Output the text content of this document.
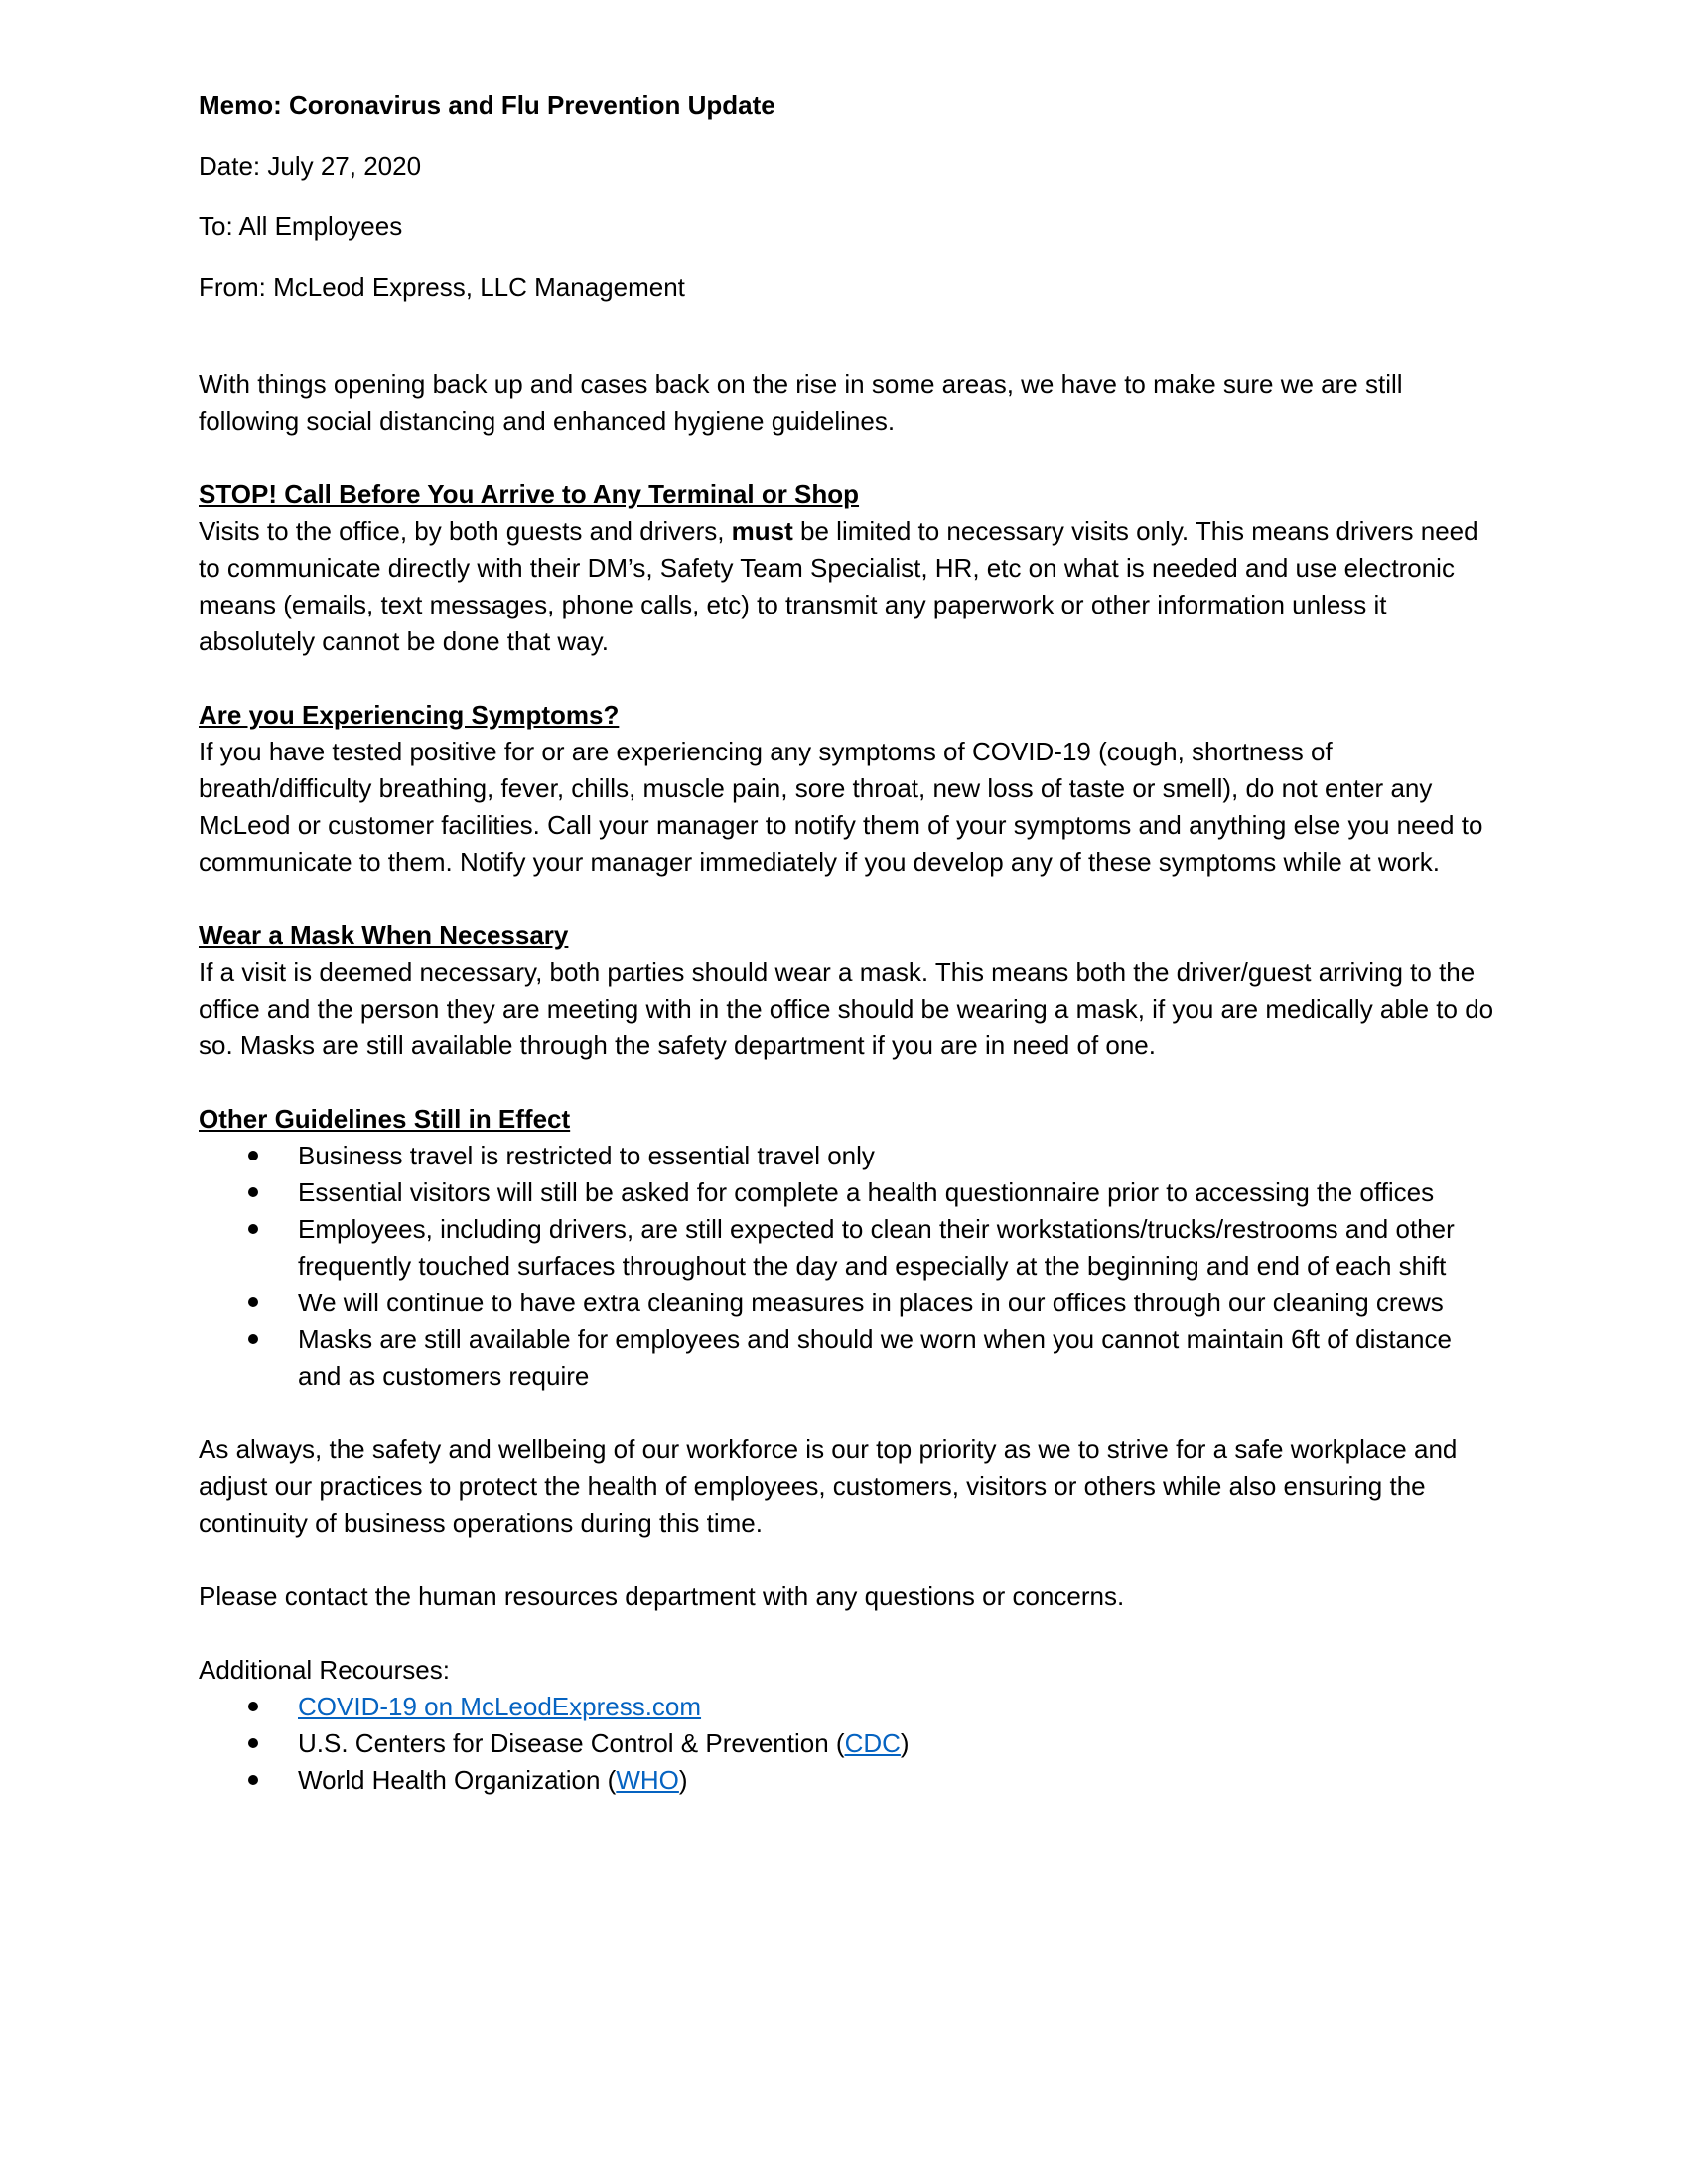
Memo: Coronavirus and Flu Prevention Update

Date: July 27, 2020

To: All Employees

From: McLeod Express, LLC Management

With things opening back up and cases back on the rise in some areas, we have to make sure we are still following social distancing and enhanced hygiene guidelines.

STOP! Call Before You Arrive to Any Terminal or Shop

Visits to the office, by both guests and drivers, must be limited to necessary visits only. This means drivers need to communicate directly with their DM’s, Safety Team Specialist, HR, etc on what is needed and use electronic means (emails, text messages, phone calls, etc) to transmit any paperwork or other information unless it absolutely cannot be done that way.

Are you Experiencing Symptoms?

If you have tested positive for or are experiencing any symptoms of COVID-19 (cough, shortness of breath/difficulty breathing, fever, chills, muscle pain, sore throat, new loss of taste or smell), do not enter any McLeod or customer facilities. Call your manager to notify them of your symptoms and anything else you need to communicate to them. Notify your manager immediately if you develop any of these symptoms while at work.

Wear a Mask When Necessary

If a visit is deemed necessary, both parties should wear a mask. This means both the driver/guest arriving to the office and the person they are meeting with in the office should be wearing a mask, if you are medically able to do so. Masks are still available through the safety department if you are in need of one.

Other Guidelines Still in Effect

Business travel is restricted to essential travel only
Essential visitors will still be asked for complete a health questionnaire prior to accessing the offices
Employees, including drivers, are still expected to clean their workstations/trucks/restrooms and other frequently touched surfaces throughout the day and especially at the beginning and end of each shift
We will continue to have extra cleaning measures in places in our offices through our cleaning crews
Masks are still available for employees and should we worn when you cannot maintain 6ft of distance and as customers require

As always, the safety and wellbeing of our workforce is our top priority as we to strive for a safe workplace and adjust our practices to protect the health of employees, customers, visitors or others while also ensuring the continuity of business operations during this time.

Please contact the human resources department with any questions or concerns.

Additional Recourses:

COVID-19 on McLeodExpress.com
U.S. Centers for Disease Control & Prevention (CDC)
World Health Organization (WHO)
